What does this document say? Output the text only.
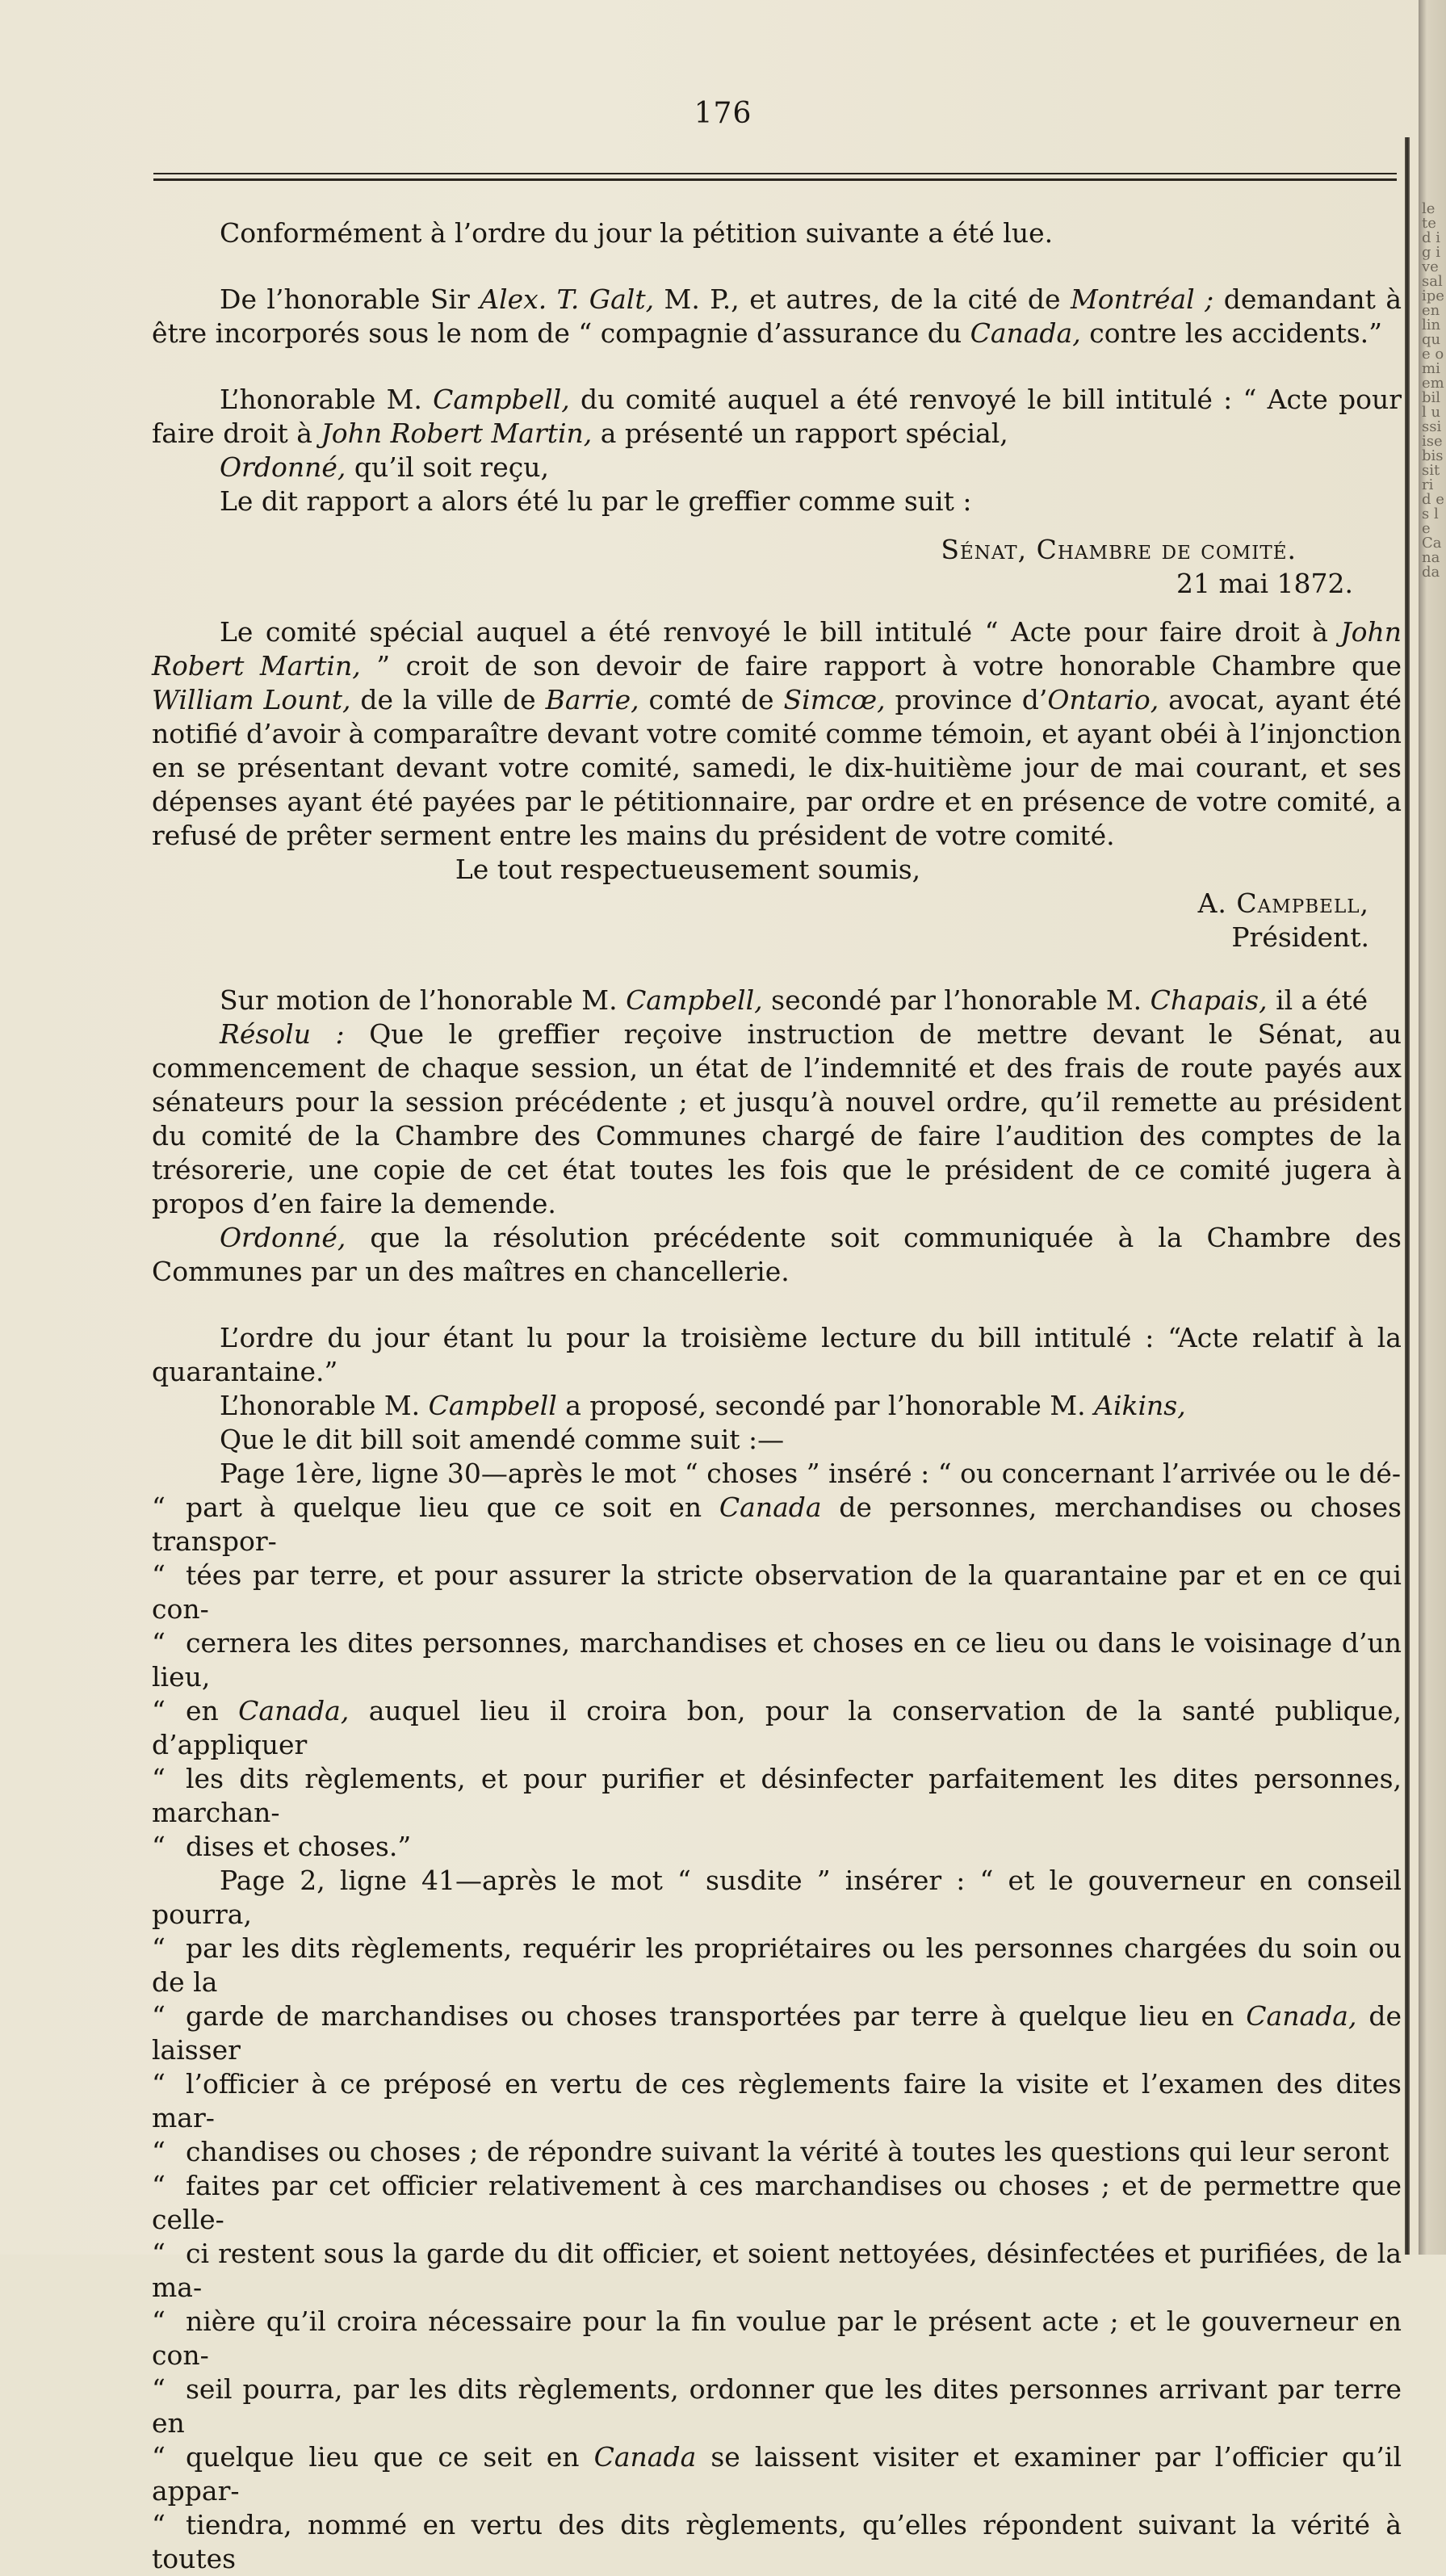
176

Conformément à l’ordre du jour la pétition suivante a été lue.

De l’honorable Sir Alex. T. Galt, M. P., et autres, de la cité de Montréal ; demandant à être incorporés sous le nom de “ compagnie d’assurance du Canada, contre les accidents.”

L’honorable M. Campbell, du comité auquel a été renvoyé le bill intitulé : “ Acte pour faire droit à John Robert Martin, a présenté un rapport spécial,

Ordonné, qu’il soit reçu,

Le dit rapport a alors été lu par le greffier comme suit :

Sénat, Chambre de comité.

21 mai 1872.

Le comité spécial auquel a été renvoyé le bill intitulé “ Acte pour faire droit à John Robert Martin, ” croit de son devoir de faire rapport à votre honorable Chambre que William Lount, de la ville de Barrie, comté de Simcœ, province d’Ontario, avocat, ayant été notifié d’avoir à comparaître devant votre comité comme témoin, et ayant obéi à l’injonction en se présentant devant votre comité, samedi, le dix-huitième jour de mai courant, et ses dépenses ayant été payées par le pétitionnaire, par ordre et en présence de votre comité, a refusé de prêter serment entre les mains du président de votre comité.

Le tout respectueusement soumis,

A. Campbell,

Président.

Sur motion de l’honorable M. Campbell, secondé par l’honorable M. Chapais, il a été

Résolu : Que le greffier reçoive instruction de mettre devant le Sénat, au commencement de chaque session, un état de l’indemnité et des frais de route payés aux sénateurs pour la session précédente ; et jusqu’à nouvel ordre, qu’il remette au président du comité de la Chambre des Communes chargé de faire l’audition des comptes de la trésorerie, une copie de cet état toutes les fois que le président de ce comité jugera à propos d’en faire la demende.

Ordonné, que la résolution précédente soit communiquée à la Chambre des Communes par un des maîtres en chancellerie.

L’ordre du jour étant lu pour la troisième lecture du bill intitulé : “Acte relatif à la quarantaine.”

L’honorable M. Campbell a proposé, secondé par l’honorable M. Aikins,

Que le dit bill soit amendé comme suit :—

Page 1ère, ligne 30—après le mot “ choses ” inséré : “ ou concernant l’arrivée ou le dé-

“ part à quelque lieu que ce soit en Canada de personnes, merchandises ou choses transpor-

“ tées par terre, et pour assurer la stricte observation de la quarantaine par et en ce qui con-

“ cernera les dites personnes, marchandises et choses en ce lieu ou dans le voisinage d’un lieu,

“ en Canada, auquel lieu il croira bon, pour la conservation de la santé publique, d’appliquer

“ les dits règlements, et pour purifier et désinfecter parfaitement les dites personnes, marchan-

“ dises et choses.”

Page 2, ligne 41—après le mot “ susdite ” insérer : “ et le gouverneur en conseil pourra,

“ par les dits règlements, requérir les propriétaires ou les personnes chargées du soin ou de la

“ garde de marchandises ou choses transportées par terre à quelque lieu en Canada, de laisser

“ l’officier à ce préposé en vertu de ces règlements faire la visite et l’examen des dites mar-

“ chandises ou choses ; de répondre suivant la vérité à toutes les questions qui leur seront

“ faites par cet officier relativement à ces marchandises ou choses ; et de permettre que celle-

“ ci restent sous la garde du dit officier, et soient nettoyées, désinfectées et purifiées, de la ma-

“ nière qu’il croira nécessaire pour la fin voulue par le présent acte ; et le gouverneur en con-

“ seil pourra, par les dits règlements, ordonner que les dites personnes arrivant par terre en

“ quelque lieu que ce seit en Canada se laissent visiter et examiner par l’officier qu’il appar-

“ tiendra, nommé en vertu des dits règlements, qu’elles répondent suivant la vérité à toutes

le te d ig ive sal ipe en lin que omi em bill ussi ise bis sit ri d es le Canada
